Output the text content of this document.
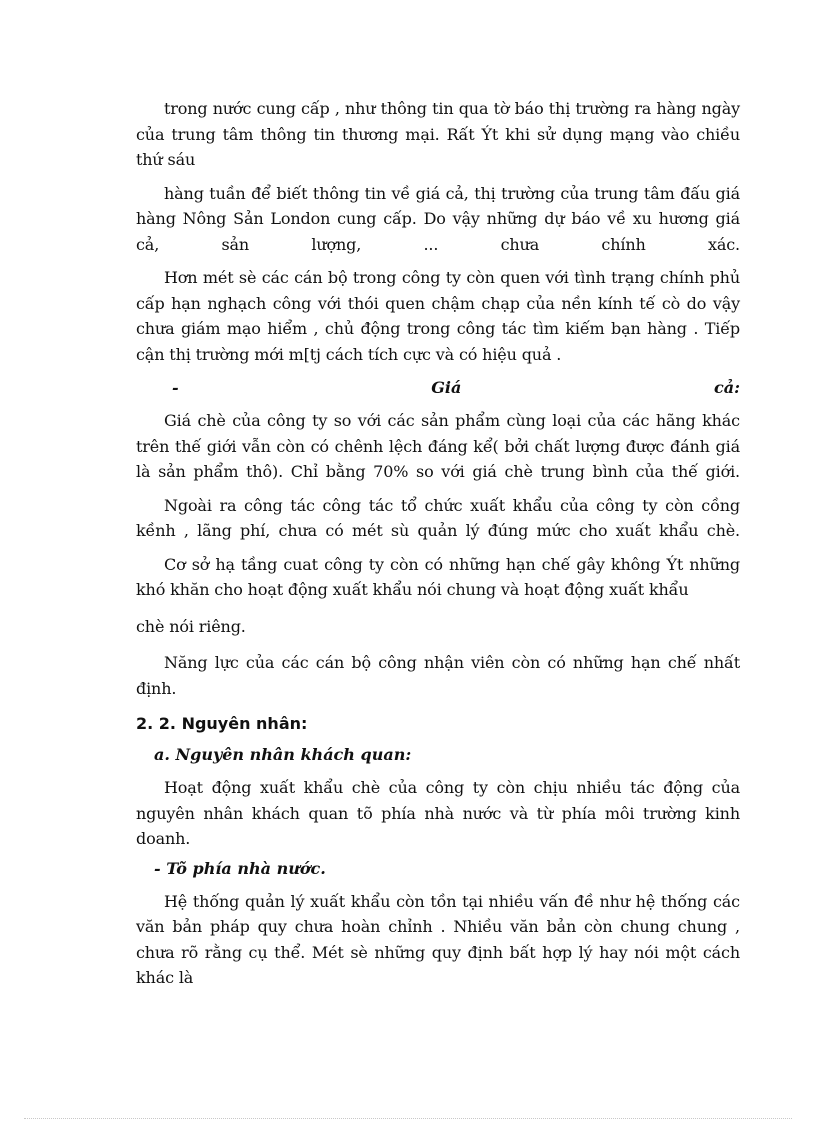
trong nước cung cấp , như thông tin qua tờ báo thị trường ra hàng ngày của trung tâm thông tin thương mại. Rất Ýt khi sử dụng mạng vào chiều thứ sáu

hàng tuần để biết thông tin về giá cả, thị trường của trung tâm đấu giá hàng Nông Sản London cung cấp. Do vậy những dự báo về xu hương giá cả, sản lượng, ... chưa chính xác.

Hơn mét sè các cán bộ trong công ty còn quen với tình trạng chính phủ cấp hạn nghạch công với thói quen chậm chạp của nền kính tế cò do vậy chưa giám mạo hiểm , chủ động trong công tác tìm kiếm bạn hàng . Tiếp cận thị trường mới m[tj cách tích cực và có hiệu quả .

-	Giá	cả:

Giá chè của công ty so với các sản phẩm cùng loại của các hãng khác trên thế giới vẫn còn có chênh lệch đáng kể( bởi chất lượng được đánh giá là sản phẩm thô). Chỉ bằng 70% so với giá chè trung bình của thế giới.

Ngoài ra công tác công tác tổ chức xuất khẩu của công ty còn cồng kềnh , lãng phí, chưa có mét sù quản lý đúng mức cho xuất khẩu chè.

Cơ sở hạ tầng cuat công ty còn có những hạn chế gây không Ýt những khó khăn cho hoạt động xuất khẩu nói chung và hoạt động xuất khẩu

chè nói riêng.

Năng lực của các cán bộ công nhận viên còn có những hạn chế nhất định.

2. 2. Nguyên nhân:
a. Nguyên nhân khách quan:

Hoạt động xuất khẩu chè của công ty còn chịu nhiều tác động của nguyên nhân khách quan tõ phía nhà nước và từ phía môi trường kinh doanh.

- Tõ phía nhà nước.

Hệ thống quản lý xuất khẩu còn tồn tại nhiều vấn đề như hệ thống các văn bản pháp quy chưa hoàn chỉnh . Nhiều văn bản còn chung chung , chưa rõ rằng cụ thể. Mét sè những quy định bất hợp lý hay nói một cách khác là
